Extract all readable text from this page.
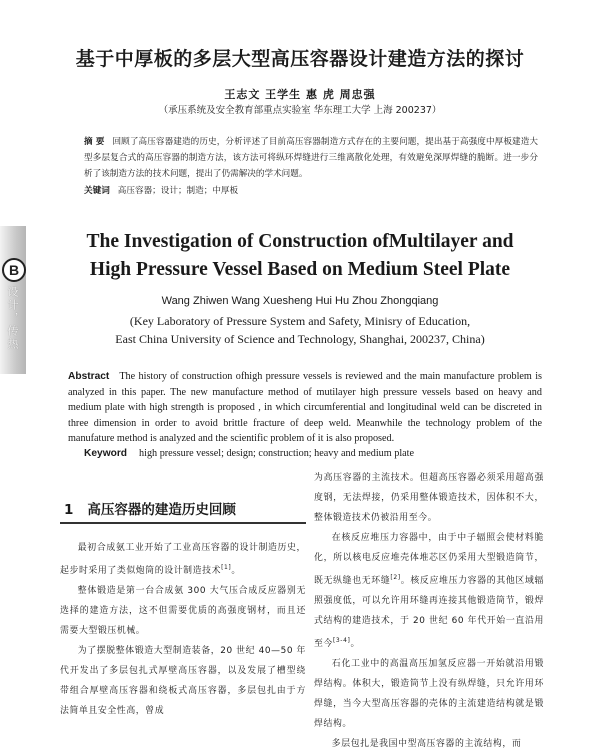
基于中厚板的多层大型高压容器设计建造方法的探讨
王志文 王学生 惠 虎 周忠强
（承压系统及安全教育部重点实验室 华东理工大学 上海 200237）
摘 要 回顾了高压容器建造的历史，分析评述了目前高压容器制造方式存在的主要问题，提出基于高强度中厚板建造大型多层复合式的高压容器的制造方法，该方法可将纵环焊缝进行三维离散化处理，有效避免深厚焊缝的脆断。进一步分析了该制造方法的技术问题，提出了仍需解决的学术问题。
关键词 高压容器；设计；制造；中厚板
B
设计，传热
The Investigation of Construction ofMultilayer and
High Pressure Vessel Based on Medium Steel Plate
Wang Zhiwen Wang Xuesheng Hui Hu Zhou Zhongqiang
(Key Laboratory of Pressure System and Safety, Minisry of Education,
East China University of Science and Technology, Shanghai, 200237, China)
Abstract The history of construction ofhigh pressure vessels is reviewed and the main manufacture problem is analyzed in this paper. The new manufacture method of mutilayer high pressure vessels based on heavy and medium plate with high strength is proposed , in which circumferential and longitudinal weld can be discreted in three dimension in order to avoid brittle fracture of deep weld. Meanwhile the technology problem of the manufature method is analyzed and the scientific problem of it is also proposed.
Keyword high pressure vessel; design; construction; heavy and medium plate
1 高压容器的建造历史回顾

最初合成氨工业开始了工业高压容器的设计制造历史，起步时采用了类似炮筒的设计制造技术[1]。

整体锻造是第一台合成氨 300 大气压合成反应器别无选择的建造方法，这不但需要优质的高强度钢材，而且还需要大型锻压机械。

为了摆脱整体锻造大型制造装备，20 世纪 40—50 年代开发出了多层包扎式厚壁高压容器，以及发展了槽型绕带组合厚壁高压容器和绕板式高压容器，多层包扎由于方法简单且安全性高，曾成

为高压容器的主流技术。但超高压容器必须采用超高强度钢，无法焊接，仍采用整体锻造技术，因体积不大，整体锻造技术仍被沿用至今。

在核反应堆压力容器中，由于中子辐照会使材料脆化，所以核电反应堆壳体堆芯区仍采用大型锻造筒节，既无纵缝也无环缝[2]。核反应堆压力容器的其他区域辐照强度低，可以允许用环缝再连接其他锻造筒节，锻焊式结构的建造技术，于 20 世纪 60 年代开始一直沿用至今[3-4]。

石化工业中的高温高压加氢反应器一开始就沿用锻焊结构。体积大，锻造筒节上没有纵焊缝，只允许用环焊缝，当今大型高压容器的壳体的主流建造结构就是锻焊结构。

多层包扎是我国中型高压容器的主流结构，而
